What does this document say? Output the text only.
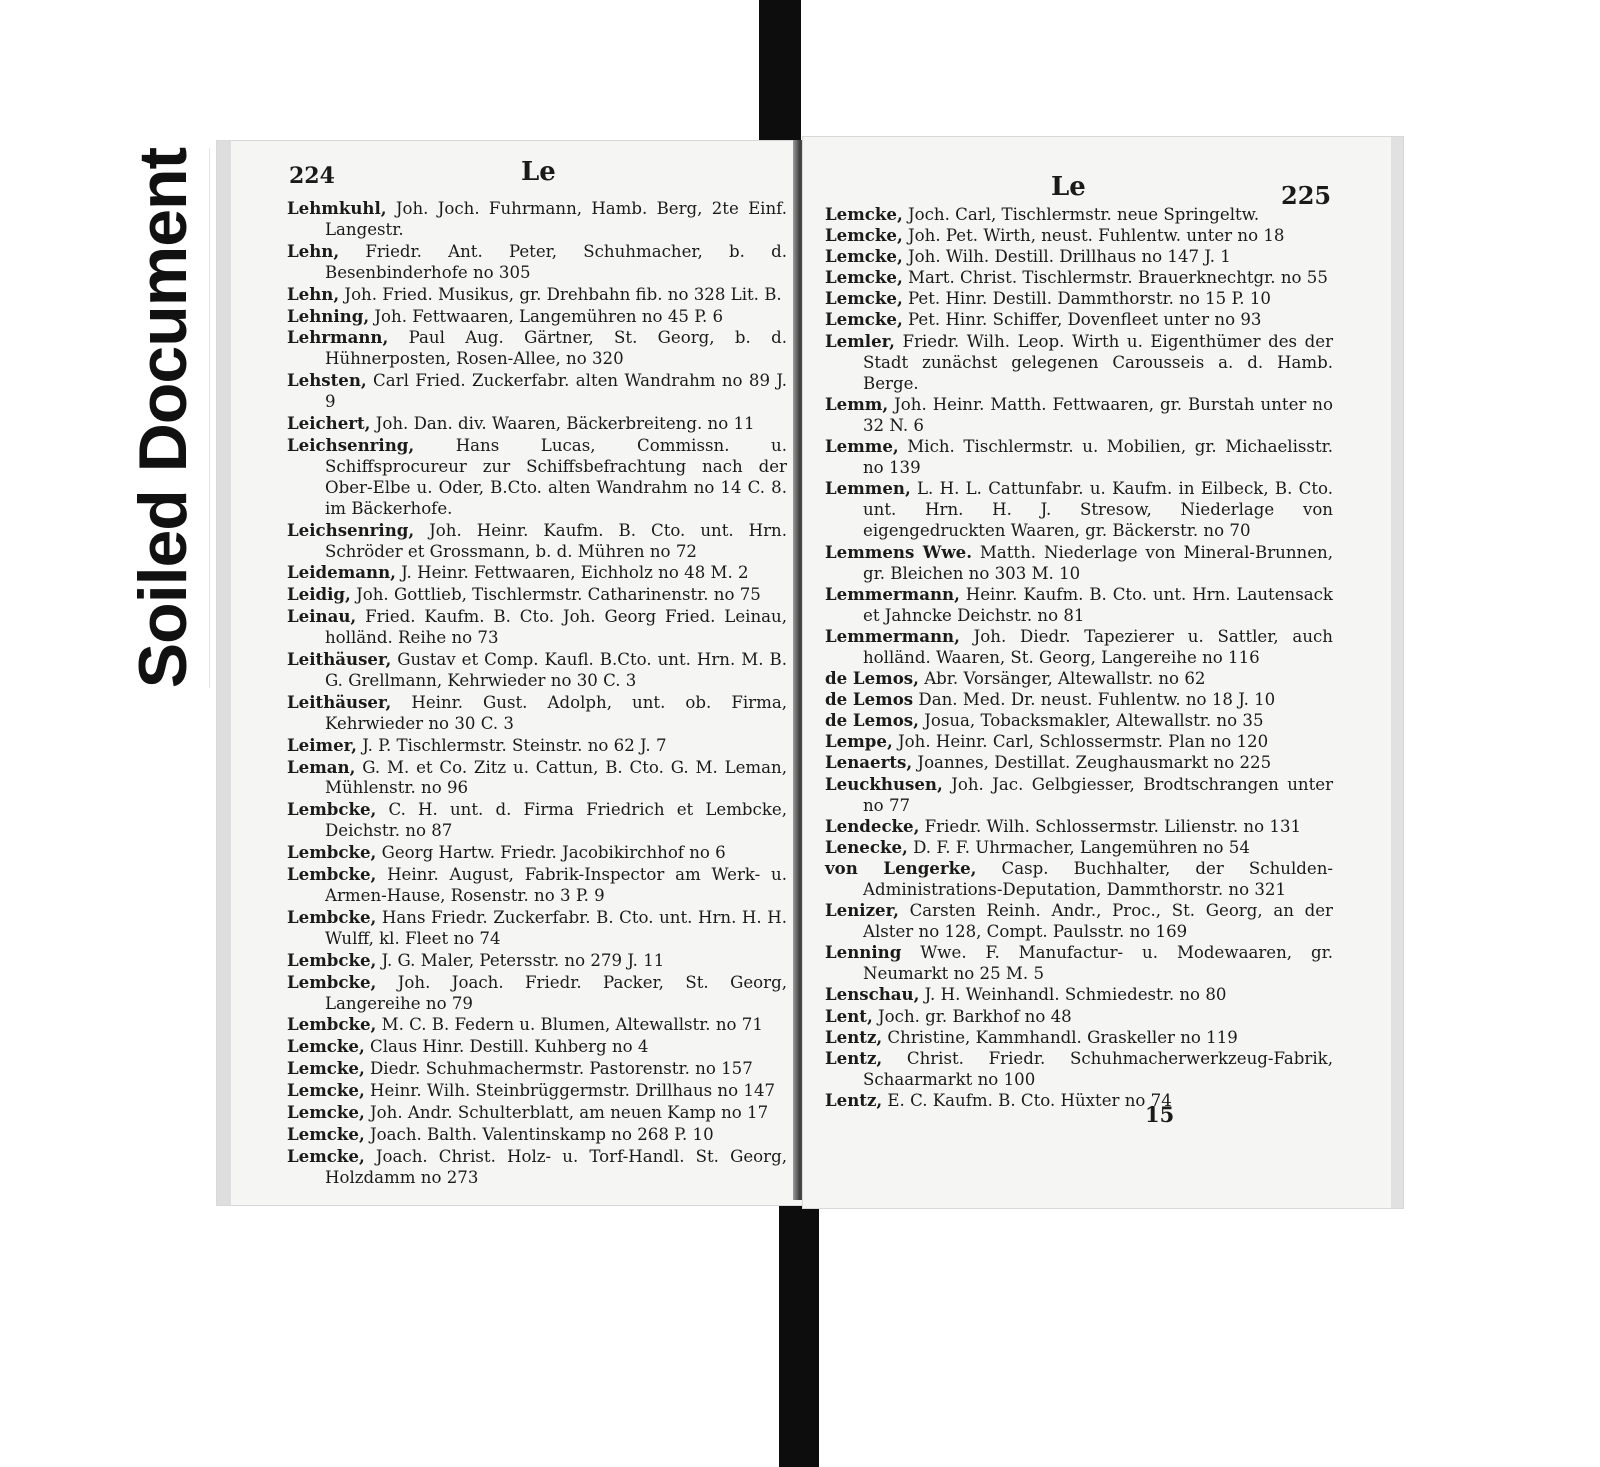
Soiled Document	224	Le
Lehmkuhl, Joh. Joch. Fuhrmann, Hamb. Berg, 2te Einf. Langestr.
Lehn, Friedr. Ant. Peter, Schuhmacher, b. d. Besenbinderhofe no 305
Lehn, Joh. Fried. Musikus, gr. Drehbahn fib. no 328 Lit. B.
Lehning, Joh. Fettwaaren, Langemühren no 45 P. 6
Lehrmann, Paul Aug. Gärtner, St. Georg, b. d. Hühnerposten, Rosen-Allee, no 320
Lehsten, Carl Fried. Zuckerfabr. alten Wandrahm no 89 J. 9
Leichert, Joh. Dan. div. Waaren, Bäckerbreiteng. no 11
Leichsenring, Hans Lucas, Commissn. u. Schiffsprocureur zur Schiffsbefrachtung nach der Ober-Elbe u. Oder, B.Cto. alten Wandrahm no 14 C. 8. im Bäckerhofe.
Leichsenring, Joh. Heinr. Kaufm. B. Cto. unt. Hrn. Schröder et Grossmann, b. d. Mühren no 72
Leidemann, J. Heinr. Fettwaaren, Eichholz no 48 M. 2
Leidig, Joh. Gottlieb, Tischlermstr. Catharinenstr. no 75
Leinau, Fried. Kaufm. B. Cto. Joh. Georg Fried. Leinau, holländ. Reihe no 73
Leithäuser, Gustav et Comp. Kaufl. B.Cto. unt. Hrn. M. B. G. Grellmann, Kehrwieder no 30 C. 3
Leithäuser, Heinr. Gust. Adolph, unt. ob. Firma, Kehrwieder no 30 C. 3
Leimer, J. P. Tischlermstr. Steinstr. no 62 J. 7
Leman, G. M. et Co. Zitz u. Cattun, B. Cto. G. M. Leman, Mühlenstr. no 96
Lembcke, C. H. unt. d. Firma Friedrich et Lembcke, Deichstr. no 87
Lembcke, Georg Hartw. Friedr. Jacobikirchhof no 6
Lembcke, Heinr. August, Fabrik-Inspector am Werk- u. Armen-Hause, Rosenstr. no 3 P. 9
Lembcke, Hans Friedr. Zuckerfabr. B. Cto. unt. Hrn. H. H. Wulff, kl. Fleet no 74
Lembcke, J. G. Maler, Petersstr. no 279 J. 11
Lembcke, Joh. Joach. Friedr. Packer, St. Georg, Langereihe no 79
Lembcke, M. C. B. Federn u. Blumen, Altewallstr. no 71
Lemcke, Claus Hinr. Destill. Kuhberg no 4
Lemcke, Diedr. Schuhmachermstr. Pastorenstr. no 157
Lemcke, Heinr. Wilh. Steinbrüggermstr. Drillhaus no 147
Lemcke, Joh. Andr. Schulterblatt, am neuen Kamp no 17
Lemcke, Joach. Balth. Valentinskamp no 268 P. 10
Lemcke, Joach. Christ. Holz- u. Torf-Handl. St. Georg, Holzdamm no 273
Le	225
Lemcke, Joch. Carl, Tischlermstr. neue Springeltw.
Lemcke, Joh. Pet. Wirth, neust. Fuhlentw. unter no 18
Lemcke, Joh. Wilh. Destill. Drillhaus no 147 J. 1
Lemcke, Mart. Christ. Tischlermstr. Brauerknechtgr. no 55
Lemcke, Pet. Hinr. Destill. Dammthorstr. no 15 P. 10
Lemcke, Pet. Hinr. Schiffer, Dovenfleet unter no 93
Lemler, Friedr. Wilh. Leop. Wirth u. Eigenthümer des der Stadt zunächst gelegenen Carousseis a. d. Hamb. Berge.
Lemm, Joh. Heinr. Matth. Fettwaaren, gr. Burstah unter no 32 N. 6
Lemme, Mich. Tischlermstr. u. Mobilien, gr. Michaelisstr. no 139
Lemmen, L. H. L. Cattunfabr. u. Kaufm. in Eilbeck, B. Cto. unt. Hrn. H. J. Stresow, Niederlage von eigengedruckten Waaren, gr. Bäckerstr. no 70
Lemmens Wwe. Matth. Niederlage von Mineral-Brunnen, gr. Bleichen no 303 M. 10
Lemmermann, Heinr. Kaufm. B. Cto. unt. Hrn. Lautensack et Jahncke Deichstr. no 81
Lemmermann, Joh. Diedr. Tapezierer u. Sattler, auch holländ. Waaren, St. Georg, Langereihe no 116
de Lemos, Abr. Vorsänger, Altewallstr. no 62
de Lemos Dan. Med. Dr. neust. Fuhlentw. no 18 J. 10
de Lemos, Josua, Tobacksmakler, Altewallstr. no 35
Lempe, Joh. Heinr. Carl, Schlossermstr. Plan no 120
Lenaerts, Joannes, Destillat. Zeughausmarkt no 225
Leuckhusen, Joh. Jac. Gelbgiesser, Brodtschrangen unter no 77
Lendecke, Friedr. Wilh. Schlossermstr. Lilienstr. no 131
Lenecke, D. F. F. Uhrmacher, Langemühren no 54
von Lengerke, Casp. Buchhalter, der Schulden-Administrations-Deputation, Dammthorstr. no 321
Lenizer, Carsten Reinh. Andr., Proc., St. Georg, an der Alster no 128, Compt. Paulsstr. no 169
Lenning Wwe. F. Manufactur- u. Modewaaren, gr. Neumarkt no 25 M. 5
Lenschau, J. H. Weinhandl. Schmiedestr. no 80
Lent, Joch. gr. Barkhof no 48
Lentz, Christine, Kammhandl. Graskeller no 119
Lentz, Christ. Friedr. Schuhmacherwerkzeug-Fabrik, Schaarmarkt no 100
Lentz, E. C. Kaufm. B. Cto. Hüxter no 74
15
